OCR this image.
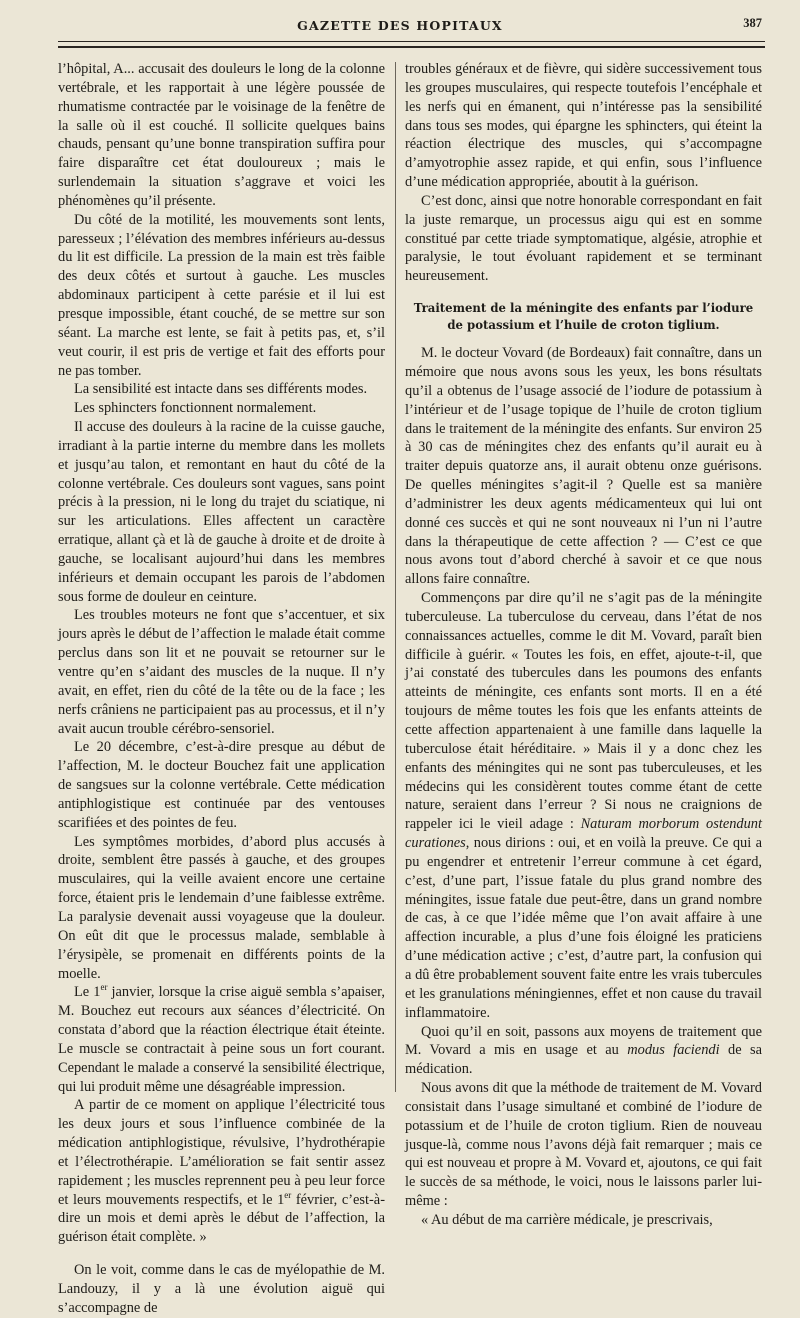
GAZETTE DES HOPITAUX	387

l’hôpital, A... accusait des douleurs le long de la colonne vertébrale, et les rapportait à une légère poussée de rhumatisme contractée par le voisinage de la fenêtre de la salle où il est couché. Il sollicite quelques bains chauds, pensant qu’une bonne transpiration suffira pour faire disparaître cet état douloureux ; mais le surlendemain la situation s’aggrave et voici les phénomènes qu’il présente.

Du côté de la motilité, les mouvements sont lents, paresseux ; l’élévation des membres inférieurs au-dessus du lit est difficile. La pression de la main est très faible des deux côtés et surtout à gauche. Les muscles abdominaux participent à cette parésie et il lui est presque impossible, étant couché, de se mettre sur son séant. La marche est lente, se fait à petits pas, et, s’il veut courir, il est pris de vertige et fait des efforts pour ne pas tomber.

La sensibilité est intacte dans ses différents modes.

Les sphincters fonctionnent normalement.

Il accuse des douleurs à la racine de la cuisse gauche, irradiant à la partie interne du membre dans les mollets et jusqu’au talon, et remontant en haut du côté de la colonne vertébrale. Ces douleurs sont vagues, sans point précis à la pression, ni le long du trajet du sciatique, ni sur les articulations. Elles affectent un caractère erratique, allant çà et là de gauche à droite et de droite à gauche, se localisant aujourd’hui dans les membres inférieurs et demain occupant les parois de l’abdomen sous forme de douleur en ceinture.

Les troubles moteurs ne font que s’accentuer, et six jours après le début de l’affection le malade était comme perclus dans son lit et ne pouvait se retourner sur le ventre qu’en s’aidant des muscles de la nuque. Il n’y avait, en effet, rien du côté de la tête ou de la face ; les nerfs crâniens ne participaient pas au processus, et il n’y avait aucun trouble cérébro-sensoriel.

Le 20 décembre, c’est-à-dire presque au début de l’affection, M. le docteur Bouchez fait une application de sangsues sur la colonne vertébrale. Cette médication antiphlogistique est continuée par des ventouses scarifiées et des pointes de feu.

Les symptômes morbides, d’abord plus accusés à droite, semblent être passés à gauche, et des groupes musculaires, qui la veille avaient encore une certaine force, étaient pris le lendemain d’une faiblesse extrême. La paralysie devenait aussi voyageuse que la douleur. On eût dit que le processus malade, semblable à l’érysipèle, se promenait en différents points de la moelle.

Le 1er janvier, lorsque la crise aiguë sembla s’apaiser, M. Bouchez eut recours aux séances d’électricité. On constata d’abord que la réaction électrique était éteinte. Le muscle se contractait à peine sous un fort courant. Cependant le malade a conservé la sensibilité électrique, qui lui produit même une désagréable impression.

A partir de ce moment on applique l’électricité tous les deux jours et sous l’influence combinée de la médication antiphlogistique, révulsive, l’hydrothérapie et l’électrothérapie. L’amélioration se fait sentir assez rapidement ; les muscles reprennent peu à peu leur force et leurs mouvements respectifs, et le 1er février, c’est-à-dire un mois et demi après le début de l’affection, la guérison était complète. »

On le voit, comme dans le cas de myélopathie de M. Landouzy, il y a là une évolution aiguë qui s’accompagne de

troubles généraux et de fièvre, qui sidère successivement tous les groupes musculaires, qui respecte toutefois l’encéphale et les nerfs qui en émanent, qui n’intéresse pas la sensibilité dans tous ses modes, qui épargne les sphincters, qui éteint la réaction électrique des muscles, qui s’accompagne d’amyotrophie assez rapide, et qui enfin, sous l’influence d’une médication appropriée, aboutit à la guérison.

C’est donc, ainsi que notre honorable correspondant en fait la juste remarque, un processus aigu qui est en somme constitué par cette triade symptomatique, algésie, atrophie et paralysie, le tout évoluant rapidement et se terminant heureusement.

Traitement de la méningite des enfants par l’iodure de potassium et l’huile de croton tiglium.

M. le docteur Vovard (de Bordeaux) fait connaître, dans un mémoire que nous avons sous les yeux, les bons résultats qu’il a obtenus de l’usage associé de l’iodure de potassium à l’intérieur et de l’usage topique de l’huile de croton tiglium dans le traitement de la méningite des enfants. Sur environ 25 à 30 cas de méningites chez des enfants qu’il aurait eu à traiter depuis quatorze ans, il aurait obtenu onze guérisons. De quelles méningites s’agit-il ? Quelle est sa manière d’administrer les deux agents médicamenteux qui lui ont donné ces succès et qui ne sont nouveaux ni l’un ni l’autre dans la thérapeutique de cette affection ? — C’est ce que nous avons tout d’abord cherché à savoir et ce que nous allons faire connaître.

Commençons par dire qu’il ne s’agit pas de la méningite tuberculeuse. La tuberculose du cerveau, dans l’état de nos connaissances actuelles, comme le dit M. Vovard, paraît bien difficile à guérir. « Toutes les fois, en effet, ajoute-t-il, que j’ai constaté des tubercules dans les poumons des enfants atteints de méningite, ces enfants sont morts. Il en a été toujours de même toutes les fois que les enfants atteints de cette affection appartenaient à une famille dans laquelle la tuberculose était héréditaire. » Mais il y a donc chez les enfants des méningites qui ne sont pas tuberculeuses, et les médecins qui les considèrent toutes comme étant de cette nature, seraient dans l’erreur ? Si nous ne craignions de rappeler ici le vieil adage : Naturam morborum ostendunt curationes, nous dirions : oui, et en voilà la preuve. Ce qui a pu engendrer et entretenir l’erreur commune à cet égard, c’est, d’une part, l’issue fatale du plus grand nombre des méningites, issue fatale due peut-être, dans un grand nombre de cas, à ce que l’idée même que l’on avait affaire à une affection incurable, a plus d’une fois éloigné les praticiens d’une médication active ; c’est, d’autre part, la confusion qui a dû être probablement souvent faite entre les vrais tubercules et les granulations méningiennes, effet et non cause du travail inflammatoire.

Quoi qu’il en soit, passons aux moyens de traitement que M. Vovard a mis en usage et au modus faciendi de sa médication.

Nous avons dit que la méthode de traitement de M. Vovard consistait dans l’usage simultané et combiné de l’iodure de potassium et de l’huile de croton tiglium. Rien de nouveau jusque-là, comme nous l’avons déjà fait remarquer ; mais ce qui est nouveau et propre à M. Vovard et, ajoutons, ce qui fait le succès de sa méthode, le voici, nous le laissons parler lui-même :

« Au début de ma carrière médicale, je prescrivais,
